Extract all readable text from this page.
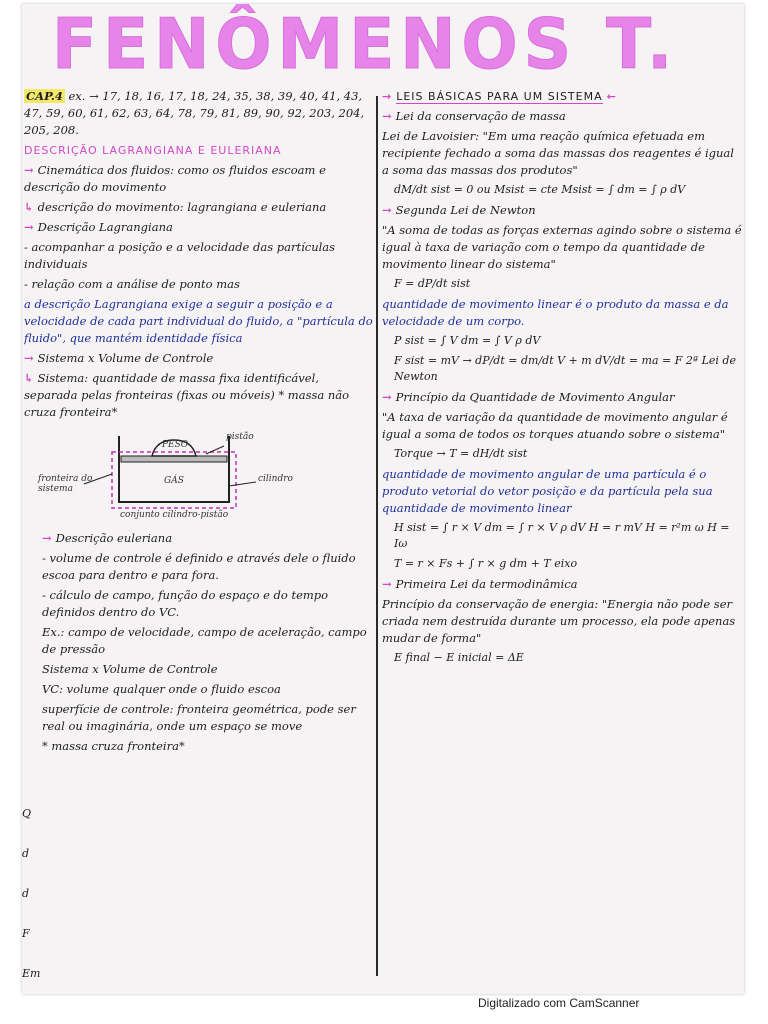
FENÔMENOS T.

CAP.4 ex. → 17, 18, 16, 17, 18, 24, 35, 38, 39, 40, 41, 43,
47, 59, 60, 61, 62, 63, 64, 78, 79, 81, 89, 90, 92, 203, 204,
205, 208.

DESCRIÇÃO LAGRANGIANA E EULERIANA

→ Cinemática dos fluidos: como os fluidos escoam e descrição do movimento

↳ descrição do movimento: lagrangiana e euleriana

→ Descrição Lagrangiana

- acompanhar a posição e a velocidade das partículas individuais

- relação com a análise de ponto mas

a descrição Lagrangiana exige a seguir a posição e a velocidade de cada part individual do fluido, a "partícula do fluido", que mantém identidade física

→ Sistema x Volume de Controle

↳ Sistema: quantidade de massa fixa identificável, separada pelas fronteiras (fixas ou móveis) * massa não cruza fronteira*

PESO
pistão
GÁS
fronteira do sistema
cilindro
conjunto cilindro-pistão

→ Descrição euleriana

- volume de controle é definido e através dele o fluido escoa para dentro e para fora.

- cálculo de campo, função do espaço e do tempo definidos dentro do VC.

Ex.: campo de velocidade, campo de aceleração, campo de pressão

Sistema x Volume de Controle

VC: volume qualquer onde o fluido escoa

superfície de controle: fronteira geométrica, pode ser real ou imaginária, onde um espaço se move

* massa cruza fronteira*

Q
d
d
F
Em

→ LEIS BÁSICAS PARA UM SISTEMA ←

→ Lei da conservação de massa

Lei de Lavoisier: "Em uma reação química efetuada em recipiente fechado a soma das massas dos reagentes é igual a soma das massas dos produtos"

dM/dt sist = 0 ou Msist = cte Msist = ∫ dm = ∫ ρ dV

→ Segunda Lei de Newton

"A soma de todas as forças externas agindo sobre o sistema é igual à taxa de variação com o tempo da quantidade de movimento linear do sistema"

F = dP/dt sist

quantidade de movimento linear é o produto da massa e da velocidade de um corpo.

P sist = ∫ V dm = ∫ V ρ dV

F sist = mV → dP/dt = dm/dt V + m dV/dt = ma = F 2ª Lei de Newton

→ Princípio da Quantidade de Movimento Angular

"A taxa de variação da quantidade de movimento angular é igual a soma de todos os torques atuando sobre o sistema"

Torque → T = dH/dt sist

quantidade de movimento angular de uma partícula é o produto vetorial do vetor posição e da partícula pela sua quantidade de movimento linear

H sist = ∫ r × V dm = ∫ r × V ρ dV H = r mV H = r²m ω H = Iω

T = r × Fs + ∫ r × g dm + T eixo

→ Primeira Lei da termodinâmica

Princípio da conservação de energia: "Energia não pode ser criada nem destruída durante um processo, ela pode apenas mudar de forma"

E final − E inicial = ΔE

Digitalizado com CamScanner
